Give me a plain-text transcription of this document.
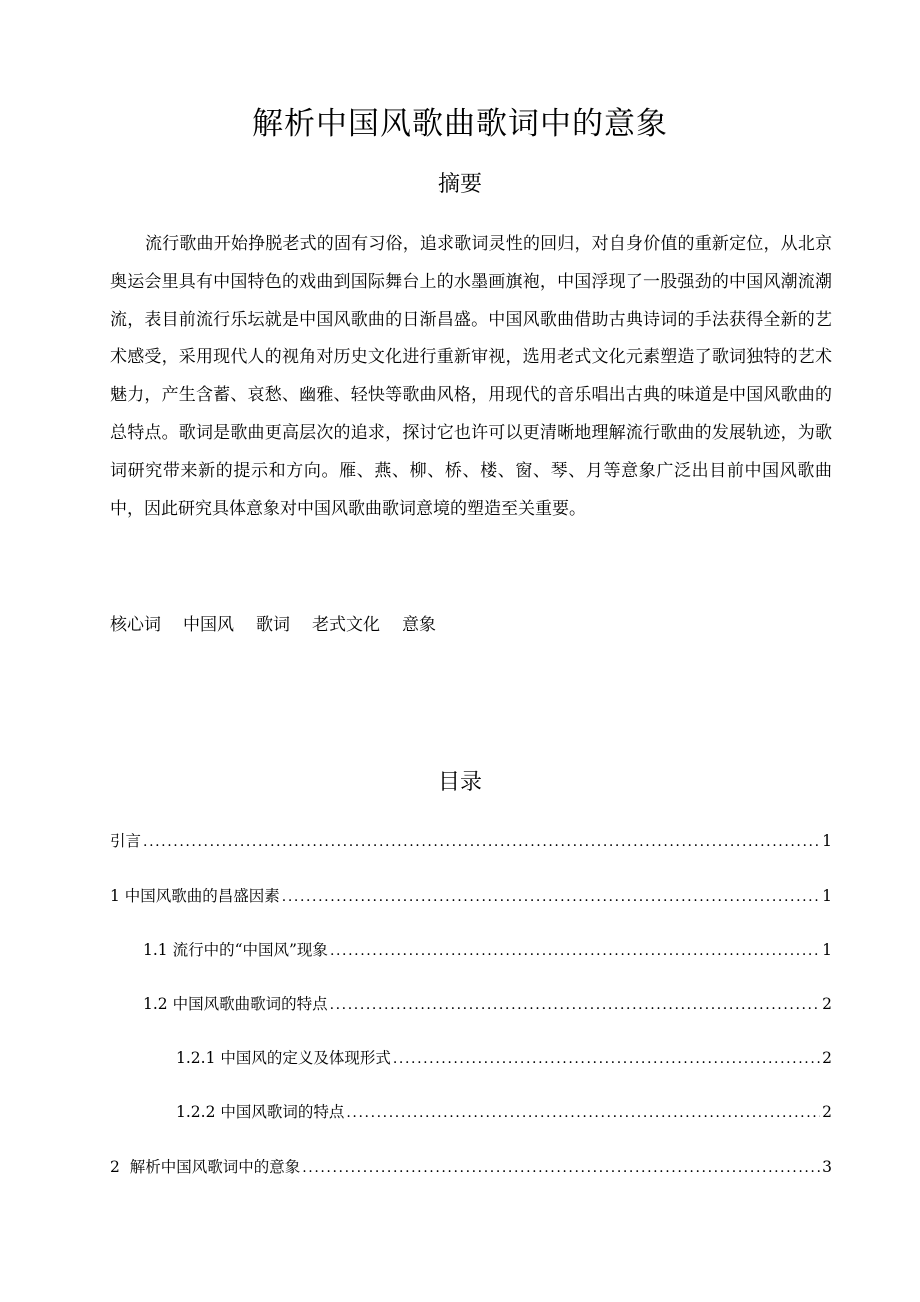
解析中国风歌曲歌词中的意象
摘要

流行歌曲开始挣脱老式的固有习俗，追求歌词灵性的回归，对自身价值的重新定位，从北京奥运会里具有中国特色的戏曲到国际舞台上的水墨画旗袍，中国浮现了一股强劲的中国风潮流潮流，表目前流行乐坛就是中国风歌曲的日渐昌盛。中国风歌曲借助古典诗词的手法获得全新的艺术感受，采用现代人的视角对历史文化进行重新审视，选用老式文化元素塑造了歌词独特的艺术魅力，产生含蓄、哀愁、幽雅、轻快等歌曲风格，用现代的音乐唱出古典的味道是中国风歌曲的总特点。歌词是歌曲更高层次的追求，探讨它也许可以更清晰地理解流行歌曲的发展轨迹，为歌词研究带来新的提示和方向。雁、燕、柳、桥、楼、窗、琴、月等意象广泛出目前中国风歌曲中，因此研究具体意象对中国风歌曲歌词意境的塑造至关重要。

核心词 中国风 歌词 老式文化 意象
目录
引言 .....	1
1 中国风歌曲的昌盛因素 .....	1
1.1 流行中的“中国风”现象 .....	1
1.2 中国风歌曲歌词的特点 .....	2
1.2.1 中国风的定义及体现形式 .....	2
1.2.2 中国风歌词的特点 .....	2
2  解析中国风歌词中的意象 .....	3
